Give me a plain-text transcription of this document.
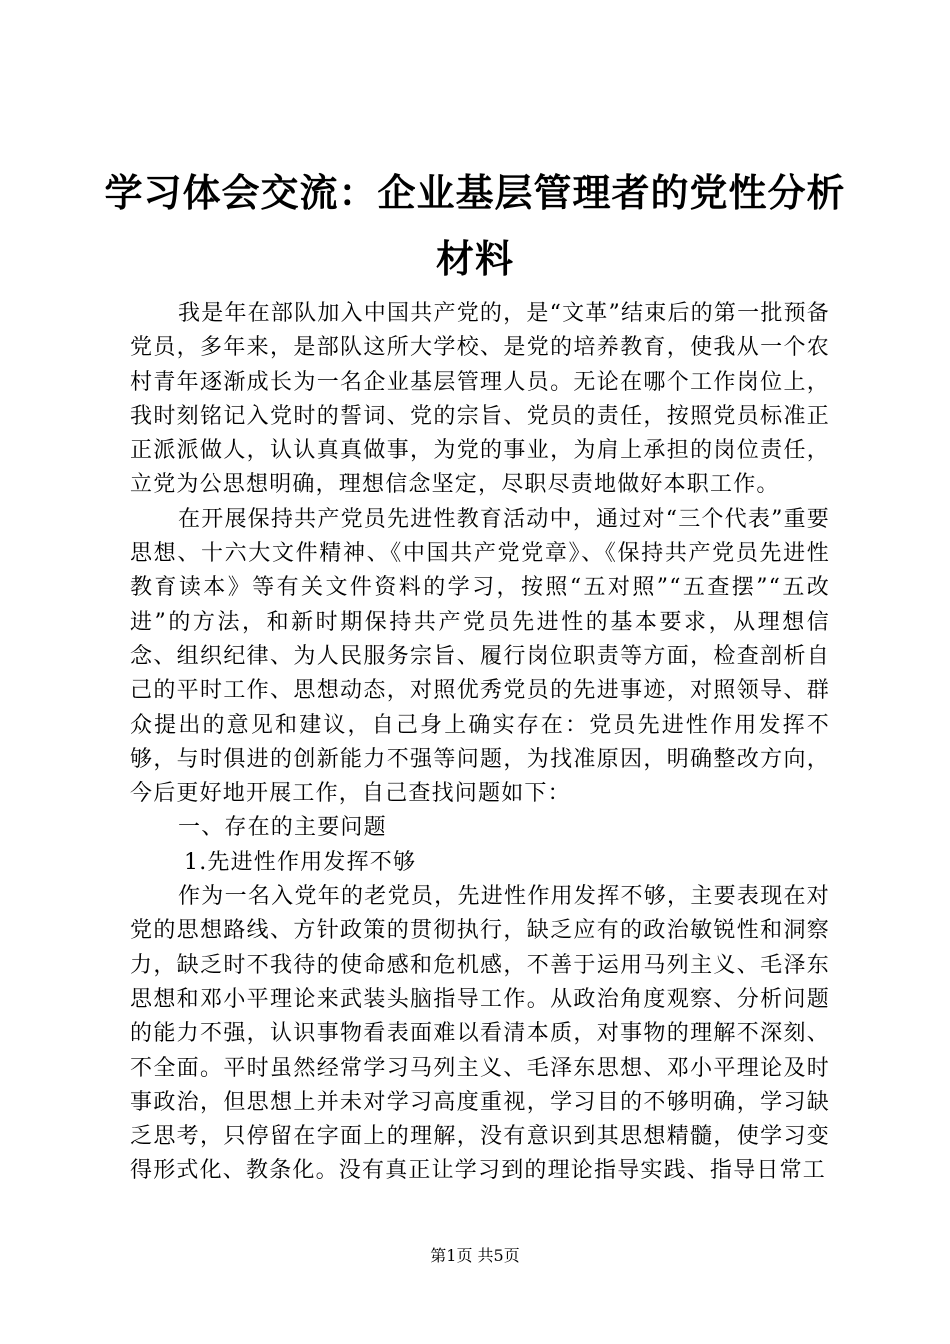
学习体会交流：企业基层管理者的党性分析材料

我是年在部队加入中国共产党的，是“文革”结束后的第一批预备党员，多年来，是部队这所大学校、是党的培养教育，使我从一个农村青年逐渐成长为一名企业基层管理人员。无论在哪个工作岗位上，我时刻铭记入党时的誓词、党的宗旨、党员的责任，按照党员标准正正派派做人，认认真真做事，为党的事业，为肩上承担的岗位责任，立党为公思想明确，理想信念坚定，尽职尽责地做好本职工作。

在开展保持共产党员先进性教育活动中，通过对“三个代表”重要思想、十六大文件精神、《中国共产党党章》、《保持共产党员先进性教育读本》等有关文件资料的学习，按照“五对照”“五查摆”“五改进”的方法，和新时期保持共产党员先进性的基本要求，从理想信念、组织纪律、为人民服务宗旨、履行岗位职责等方面，检查剖析自己的平时工作、思想动态，对照优秀党员的先进事迹，对照领导、群众提出的意见和建议，自己身上确实存在：党员先进性作用发挥不够，与时俱进的创新能力不强等问题，为找准原因，明确整改方向，今后更好地开展工作，自己查找问题如下：

一、存在的主要问题

1.先进性作用发挥不够

作为一名入党年的老党员，先进性作用发挥不够，主要表现在对党的思想路线、方针政策的贯彻执行，缺乏应有的政治敏锐性和洞察力，缺乏时不我待的使命感和危机感，不善于运用马列主义、毛泽东思想和邓小平理论来武装头脑指导工作。从政治角度观察、分析问题的能力不强，认识事物看表面难以看清本质，对事物的理解不深刻、不全面。平时虽然经常学习马列主义、毛泽东思想、邓小平理论及时事政治，但思想上并未对学习高度重视，学习目的不够明确，学习缺乏思考，只停留在字面上的理解，没有意识到其思想精髓，使学习变得形式化、教条化。没有真正让学习到的理论指导实践、指导日常工

第1页 共5页
